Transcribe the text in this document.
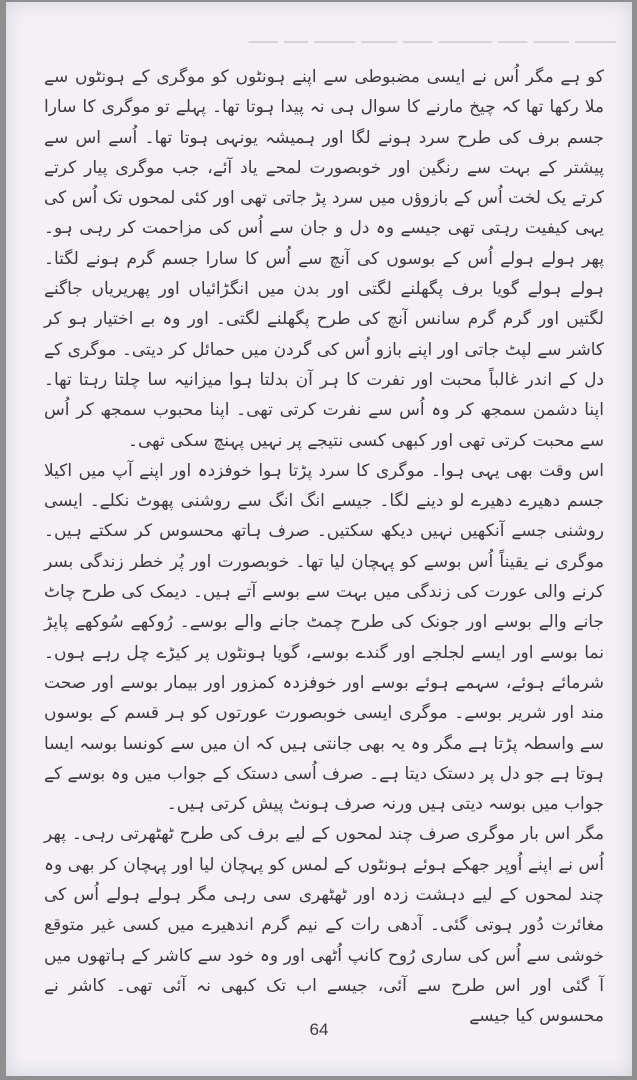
ـــــــ ــــــ ـــــ ـــــــــ ـــــ ــــــ ـــــــ ــــ ـــــ

کو ہے مگر اُس نے ایسی مضبوطی سے اپنے ہونٹوں کو موگری کے ہونٹوں سے ملا رکھا تھا کہ چیخ مارنے کا سوال ہی نہ پیدا ہوتا تھا۔ پہلے تو موگری کا سارا جسم برف کی طرح سرد ہونے لگا اور ہمیشہ یونہی ہوتا تھا۔ اُسے اس سے پیشتر کے بہت سے رنگین اور خوبصورت لمحے یاد آئے، جب موگری پیار کرتے کرتے یک لخت اُس کے بازوؤں میں سرد پڑ جاتی تھی اور کئی لمحوں تک اُس کی یہی کیفیت رہتی تھی جیسے وہ دل و جان سے اُس کی مزاحمت کر رہی ہو۔ پھر ہولے ہولے اُس کے بوسوں کی آنچ سے اُس کا سارا جسم گرم ہونے لگتا۔ ہولے ہولے گویا برف پگھلنے لگتی اور بدن میں انگڑائیاں اور پھریریاں جاگنے لگتیں اور گرم گرم سانس آنچ کی طرح پگھلنے لگتی۔ اور وہ بے اختیار ہو کر کاشر سے لپٹ جاتی اور اپنے بازو اُس کی گردن میں حمائل کر دیتی۔ موگری کے دل کے اندر غالباً محبت اور نفرت کا ہر آن بدلتا ہوا میزانیہ سا چلتا رہتا تھا۔ اپنا دشمن سمجھ کر وہ اُس سے نفرت کرتی تھی۔ اپنا محبوب سمجھ کر اُس سے محبت کرتی تھی اور کبھی کسی نتیجے پر نہیں پہنچ سکی تھی۔

اس وقت بھی یہی ہوا۔ موگری کا سرد پڑتا ہوا خوفزدہ اور اپنے آپ میں اکیلا جسم دھیرے دھیرے لو دینے لگا۔ جیسے انگ انگ سے روشنی پھوٹ نکلے۔ ایسی روشنی جسے آنکھیں نہیں دیکھ سکتیں۔ صرف ہاتھ محسوس کر سکتے ہیں۔ موگری نے یقیناً اُس بوسے کو پہچان لیا تھا۔ خوبصورت اور پُر خطر زندگی بسر کرنے والی عورت کی زندگی میں بہت سے بوسے آتے ہیں۔ دیمک کی طرح چاٹ جانے والے بوسے اور جونک کی طرح چمٹ جانے والے بوسے۔ رُوکھے سُوکھے پاپڑ نما بوسے اور ایسے لجلجے اور گندے بوسے، گویا ہونٹوں پر کیڑے چل رہے ہوں۔ شرمائے ہوئے، سہمے ہوئے بوسے اور خوفزدہ کمزور اور بیمار بوسے اور صحت مند اور شریر بوسے۔ موگری ایسی خوبصورت عورتوں کو ہر قسم کے بوسوں سے واسطہ پڑتا ہے مگر وہ یہ بھی جانتی ہیں کہ ان میں سے کونسا بوسہ ایسا ہوتا ہے جو دل پر دستک دیتا ہے۔ صرف اُسی دستک کے جواب میں وہ بوسے کے جواب میں بوسہ دیتی ہیں ورنہ صرف ہونٹ پیش کرتی ہیں۔

مگر اس بار موگری صرف چند لمحوں کے لیے برف کی طرح ٹھٹھرتی رہی۔ پھر اُس نے اپنے اُوپر جھکے ہوئے ہونٹوں کے لمس کو پہچان لیا اور پہچان کر بھی وہ چند لمحوں کے لیے دہشت زدہ اور ٹھٹھری سی رہی مگر ہولے ہولے اُس کی مغائرت دُور ہوتی گئی۔ آدھی رات کے نیم گرم اندھیرے میں کسی غیر متوقع خوشی سے اُس کی ساری رُوح کانپ اُٹھی اور وہ خود سے کاشر کے ہاتھوں میں آ گئی اور اس طرح سے آئی، جیسے اب تک کبھی نہ آئی تھی۔ کاشر نے محسوس کیا جیسے

64
